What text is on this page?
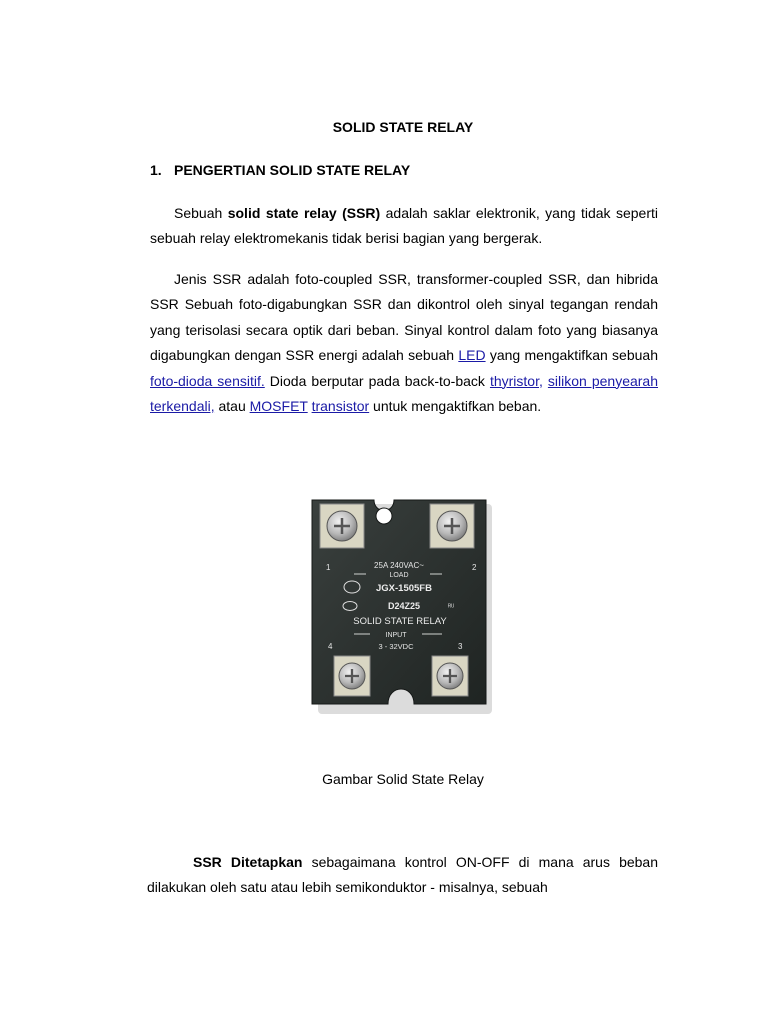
SOLID STATE RELAY
1. PENGERTIAN SOLID STATE RELAY

Sebuah solid state relay (SSR) adalah saklar elektronik, yang tidak seperti sebuah relay elektromekanis tidak berisi bagian yang bergerak.

Jenis SSR adalah foto-coupled SSR, transformer-coupled SSR, dan hibrida SSR Sebuah foto-digabungkan SSR dan dikontrol oleh sinyal tegangan rendah yang terisolasi secara optik dari beban. Sinyal kontrol dalam foto yang biasanya digabungkan dengan SSR energi adalah sebuah LED yang mengaktifkan sebuah foto-dioda sensitif. Dioda berputar pada back-to-back thyristor, silikon penyearah terkendali, atau MOSFET transistor untuk mengaktifkan beban.

ᴿᵁ
1	2
25A 240VAC~
LOAD
JGX-1505FB
D24Z25
SOLID STATE RELAY
INPUT
3 - 32VDC
4	3
Gambar Solid State Relay

SSR Ditetapkan sebagaimana kontrol ON-OFF di mana arus beban dilakukan oleh satu atau lebih semikonduktor - misalnya, sebuah
